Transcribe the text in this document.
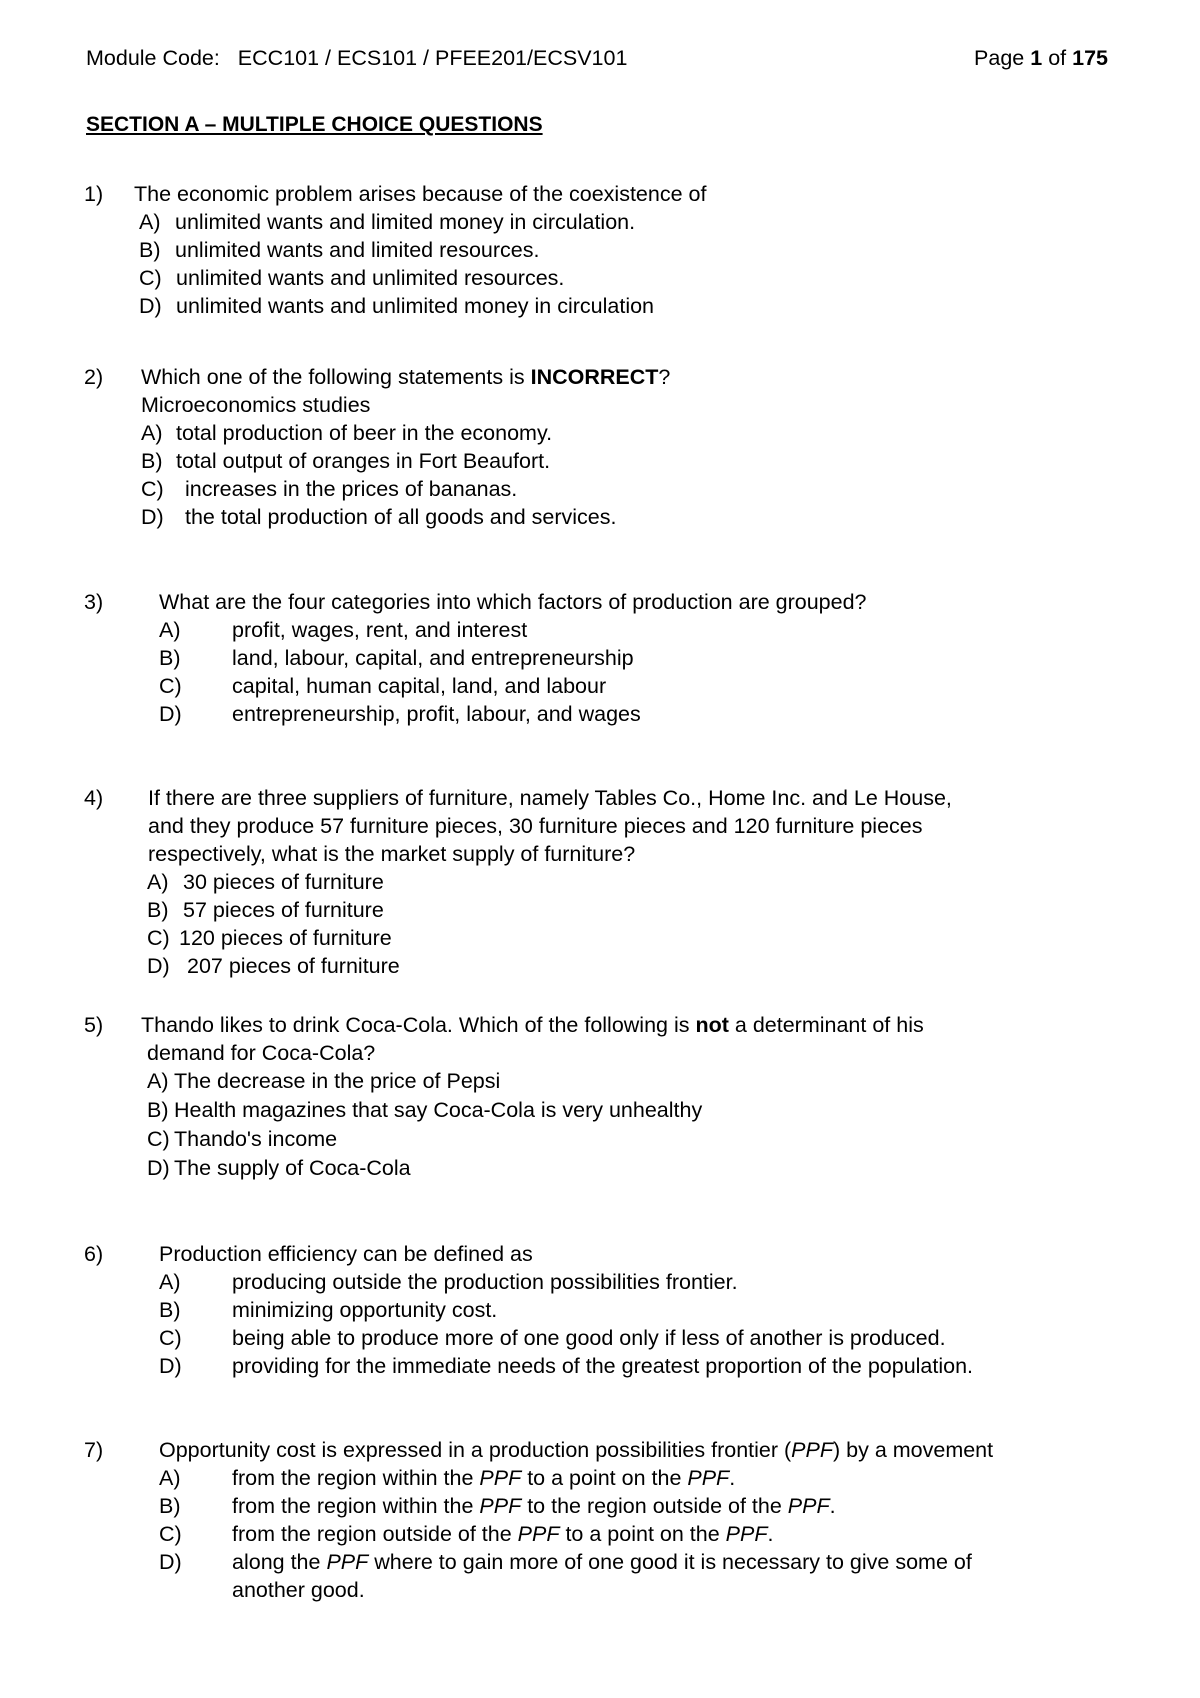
Module Code: ECC101 / ECS101 / PFEE201/ECSV101	Page 1 of 175
SECTION A – MULTIPLE CHOICE QUESTIONS
1) The economic problem arises because of the coexistence of
A) unlimited wants and limited money in circulation.
B) unlimited wants and limited resources.
C) unlimited wants and unlimited resources.
D) unlimited wants and unlimited money in circulation
2) Which one of the following statements is INCORRECT?
Microeconomics studies
A) total production of beer in the economy.
B) total output of oranges in Fort Beaufort.
C) increases in the prices of bananas.
D) the total production of all goods and services.
3)	What are the four categories into which factors of production are grouped?
A) profit, wages, rent, and interest
B) land, labour, capital, and entrepreneurship
C) capital, human capital, land, and labour
D) entrepreneurship, profit, labour, and wages
4) If there are three suppliers of furniture, namely Tables Co., Home Inc. and Le House,
and they produce 57 furniture pieces, 30 furniture pieces and 120 furniture pieces
respectively, what is the market supply of furniture?
A) 30 pieces of furniture
B) 57 pieces of furniture
C) 120 pieces of furniture
D) 207 pieces of furniture
5) Thando likes to drink Coca-Cola. Which of the following is not a determinant of his
demand for Coca-Cola?
A) The decrease in the price of Pepsi
B) Health magazines that say Coca-Cola is very unhealthy
C) Thando's income
D) The supply of Coca-Cola
6)	Production efficiency can be defined as
A) producing outside the production possibilities frontier.
B) minimizing opportunity cost.
C) being able to produce more of one good only if less of another is produced.
D) providing for the immediate needs of the greatest proportion of the population.
7)	Opportunity cost is expressed in a production possibilities frontier (PPF) by a movement
A) from the region within the PPF to a point on the PPF.
B) from the region within the PPF to the region outside of the PPF.
C) from the region outside of the PPF to a point on the PPF.
D) along the PPF where to gain more of one good it is necessary to give some of
another good.
